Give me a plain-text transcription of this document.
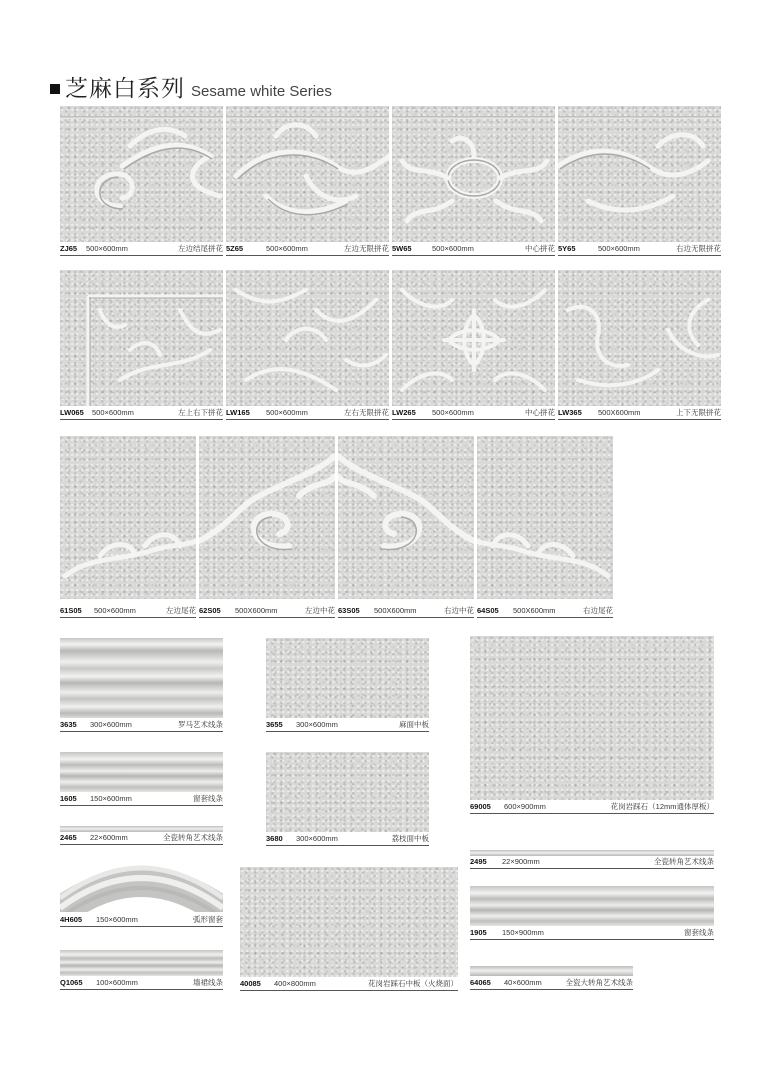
芝麻白系列 Sesame white Series
ZJ65 500×600mm	左边结尾拼花 5Z65	500×600mm	左边无限拼花 5W65	500×600mm	中心拼花 5Y65	500×600mm	右边无限拼花
LW065 500×600mm	左上右下拼花 LW165 500×600mm	左右无限拼花 LW265 500×600mm	中心拼花 LW365 500X600mm	上下无限拼花
61S05 500×600mm	左边尾花 62S05 500X600mm	左边中花 63S05 500X600mm	右边中花 64S05 500X600mm	右边尾花
3635 300×600mm	罗马艺术线条
1605 150×600mm	窗套线条
2465 22×600mm	全瓷转角艺术线条
4H605 150×600mm	弧形窗套
Q1065 100×600mm	墙裙线条
3655 300×600mm	麻面中板
3680 300×600mm	荔枝面中板
40085 400×800mm	花岗岩踩石中板（火烧面）
69005 600×900mm	花岗岩踩石（12mm通体厚板）
2495 22×900mm	全瓷转角艺术线条
1905 150×900mm	窗套线条
64065 40×600mm	全瓷大转角艺术线条
